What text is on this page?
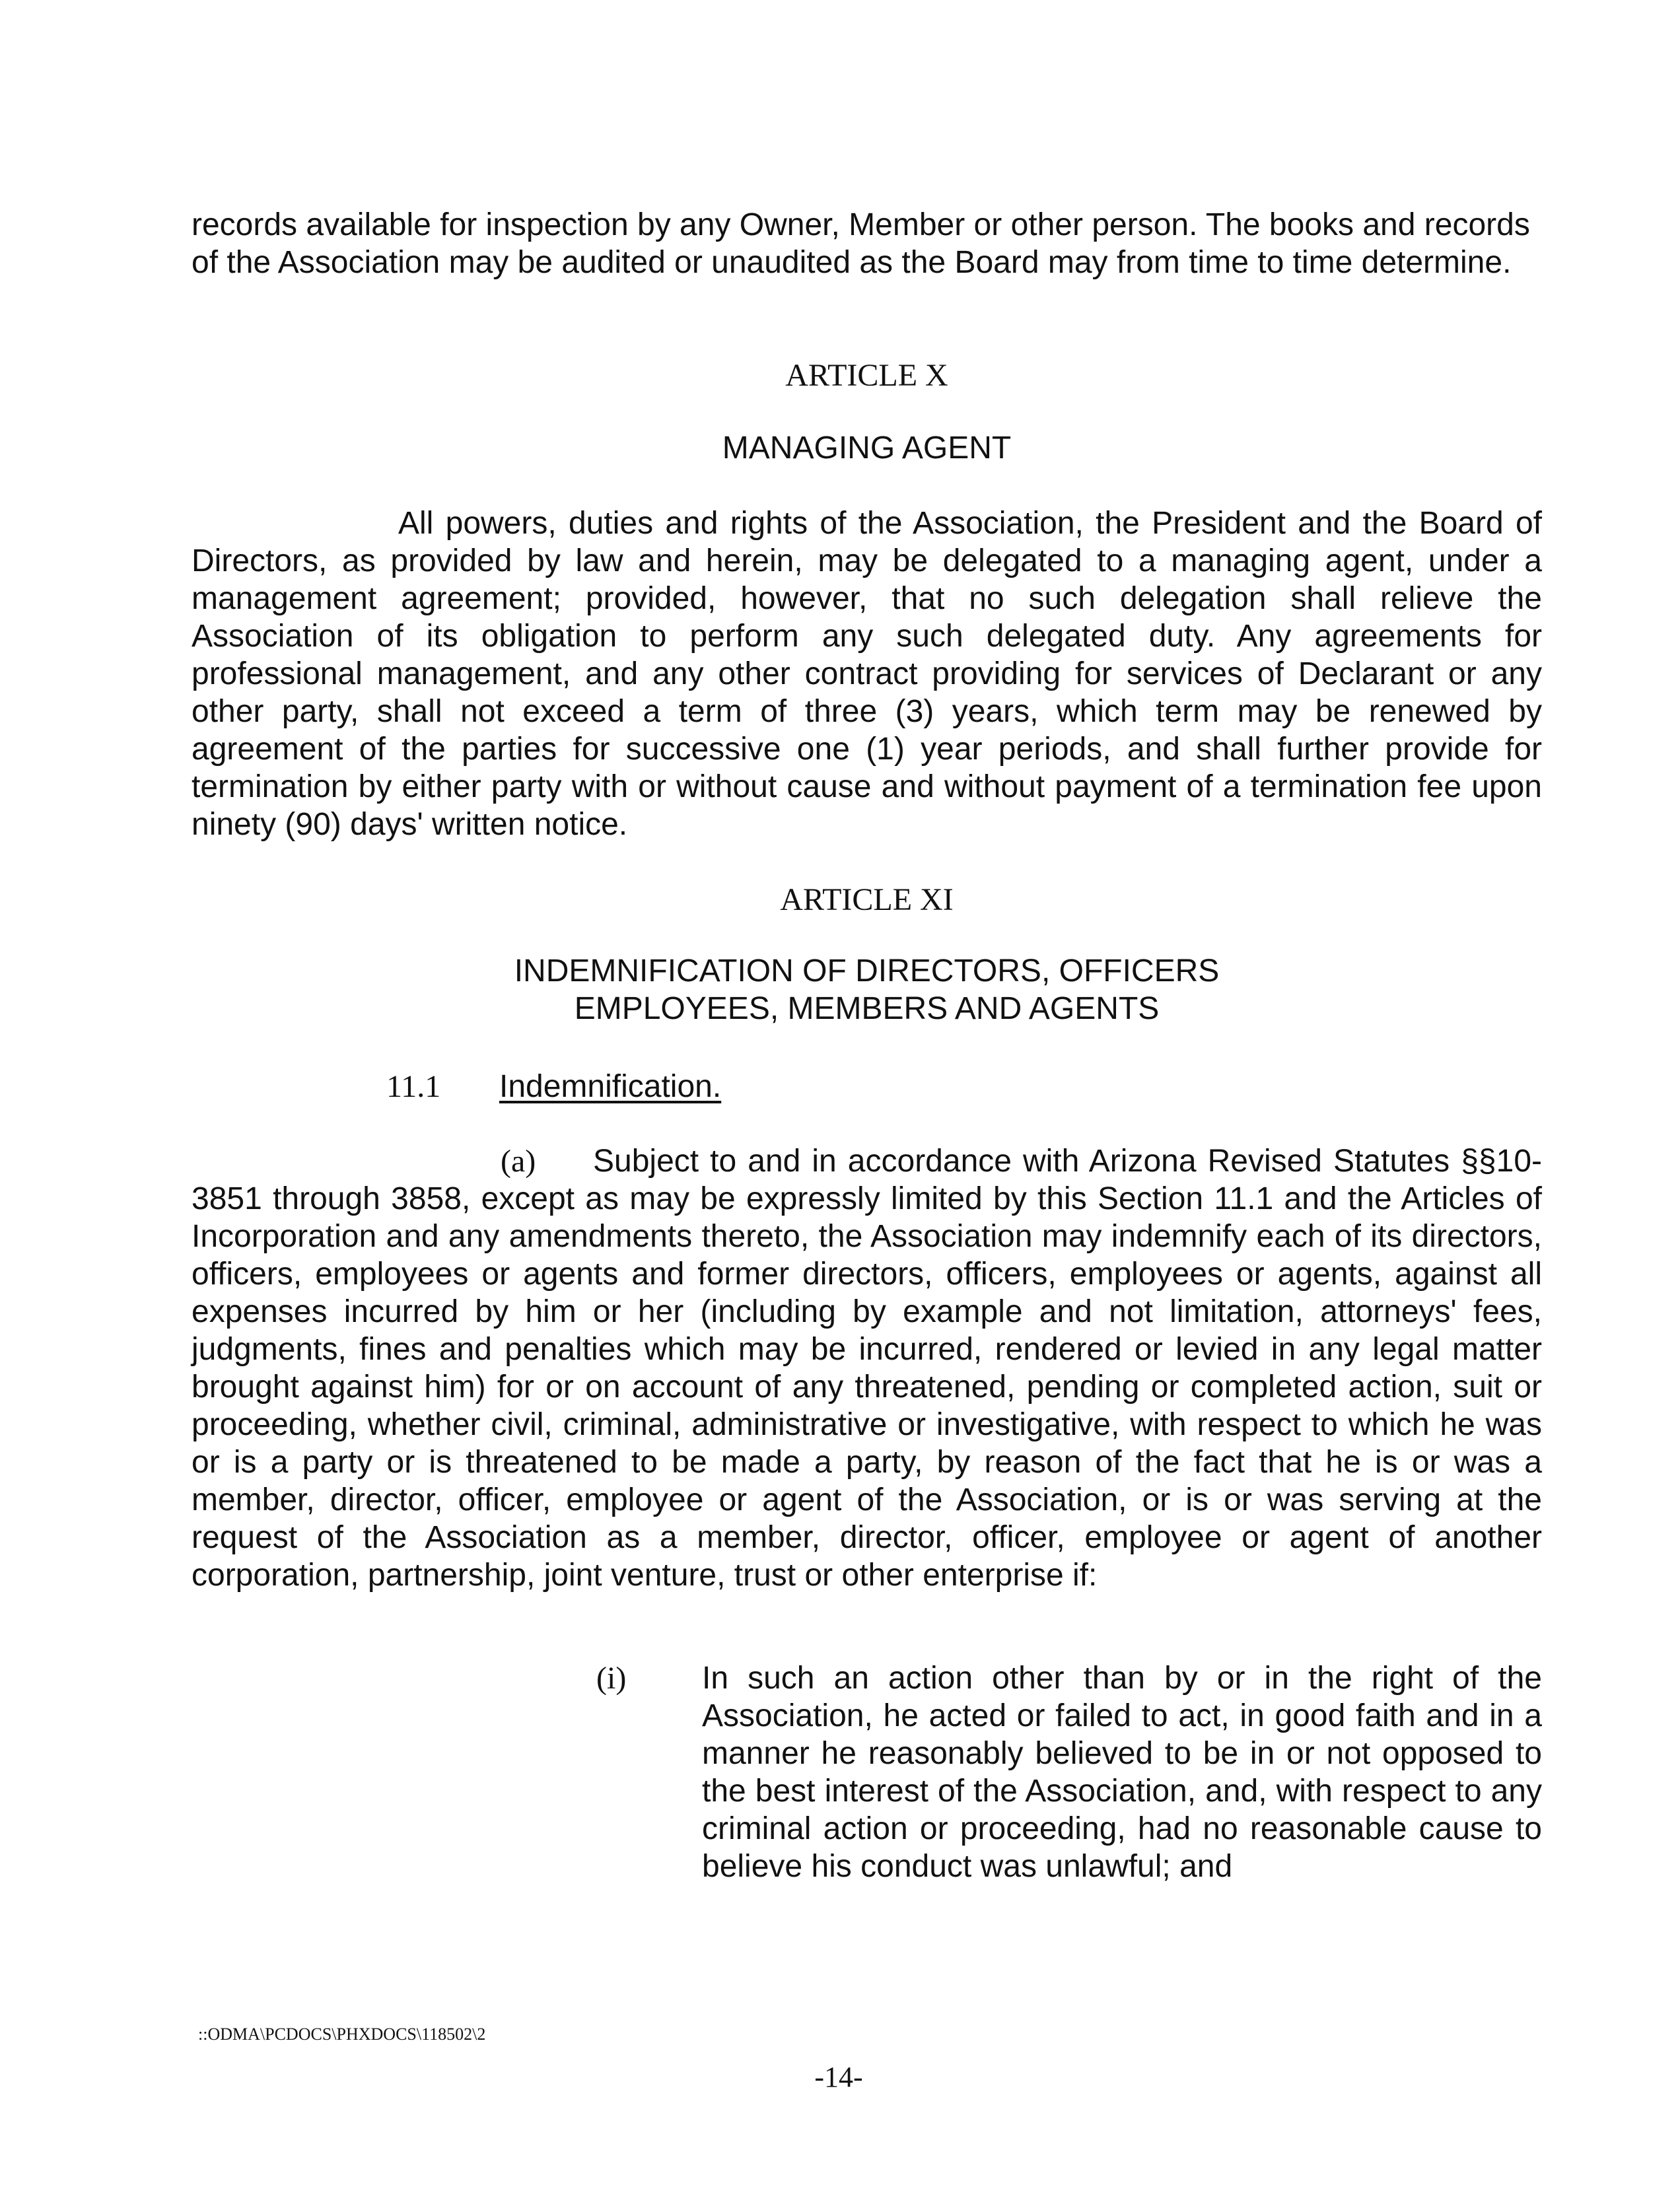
records available for inspection by any Owner, Member or other person. The books and records of the Association may be audited or unaudited as the Board may from time to time determine.

ARTICLE X
MANAGING AGENT

All powers, duties and rights of the Association, the President and the Board of Directors, as provided by law and herein, may be delegated to a managing agent, under a management agreement; provided, however, that no such delegation shall relieve the Association of its obligation to perform any such delegated duty. Any agreements for professional management, and any other contract providing for services of Declarant or any other party, shall not exceed a term of three (3) years, which term may be renewed by agreement of the parties for successive one (1) year periods, and shall further provide for termination by either party with or without cause and without payment of a termination fee upon ninety (90) days' written notice.

ARTICLE XI
INDEMNIFICATION OF DIRECTORS, OFFICERS
EMPLOYEES, MEMBERS AND AGENTS

11.1 Indemnification.

(a) Subject to and in accordance with Arizona Revised Statutes §§10-3851 through 3858, except as may be expressly limited by this Section 11.1 and the Articles of Incorporation and any amendments thereto, the Association may indemnify each of its directors, officers, employees or agents and former directors, officers, employees or agents, against all expenses incurred by him or her (including by example and not limitation, attorneys' fees, judgments, fines and penalties which may be incurred, rendered or levied in any legal matter brought against him) for or on account of any threatened, pending or completed action, suit or proceeding, whether civil, criminal, administrative or investigative, with respect to which he was or is a party or is threatened to be made a party, by reason of the fact that he is or was a member, director, officer, employee or agent of the Association, or is or was serving at the request of the Association as a member, director, officer, employee or agent of another corporation, partnership, joint venture, trust or other enterprise if:

(i) In such an action other than by or in the right of the Association, he acted or failed to act, in good faith and in a manner he reasonably believed to be in or not opposed to the best interest of the Association, and, with respect to any criminal action or proceeding, had no reasonable cause to believe his conduct was unlawful; and

::ODMA\PCDOCS\PHXDOCS\118502\2

-14-
